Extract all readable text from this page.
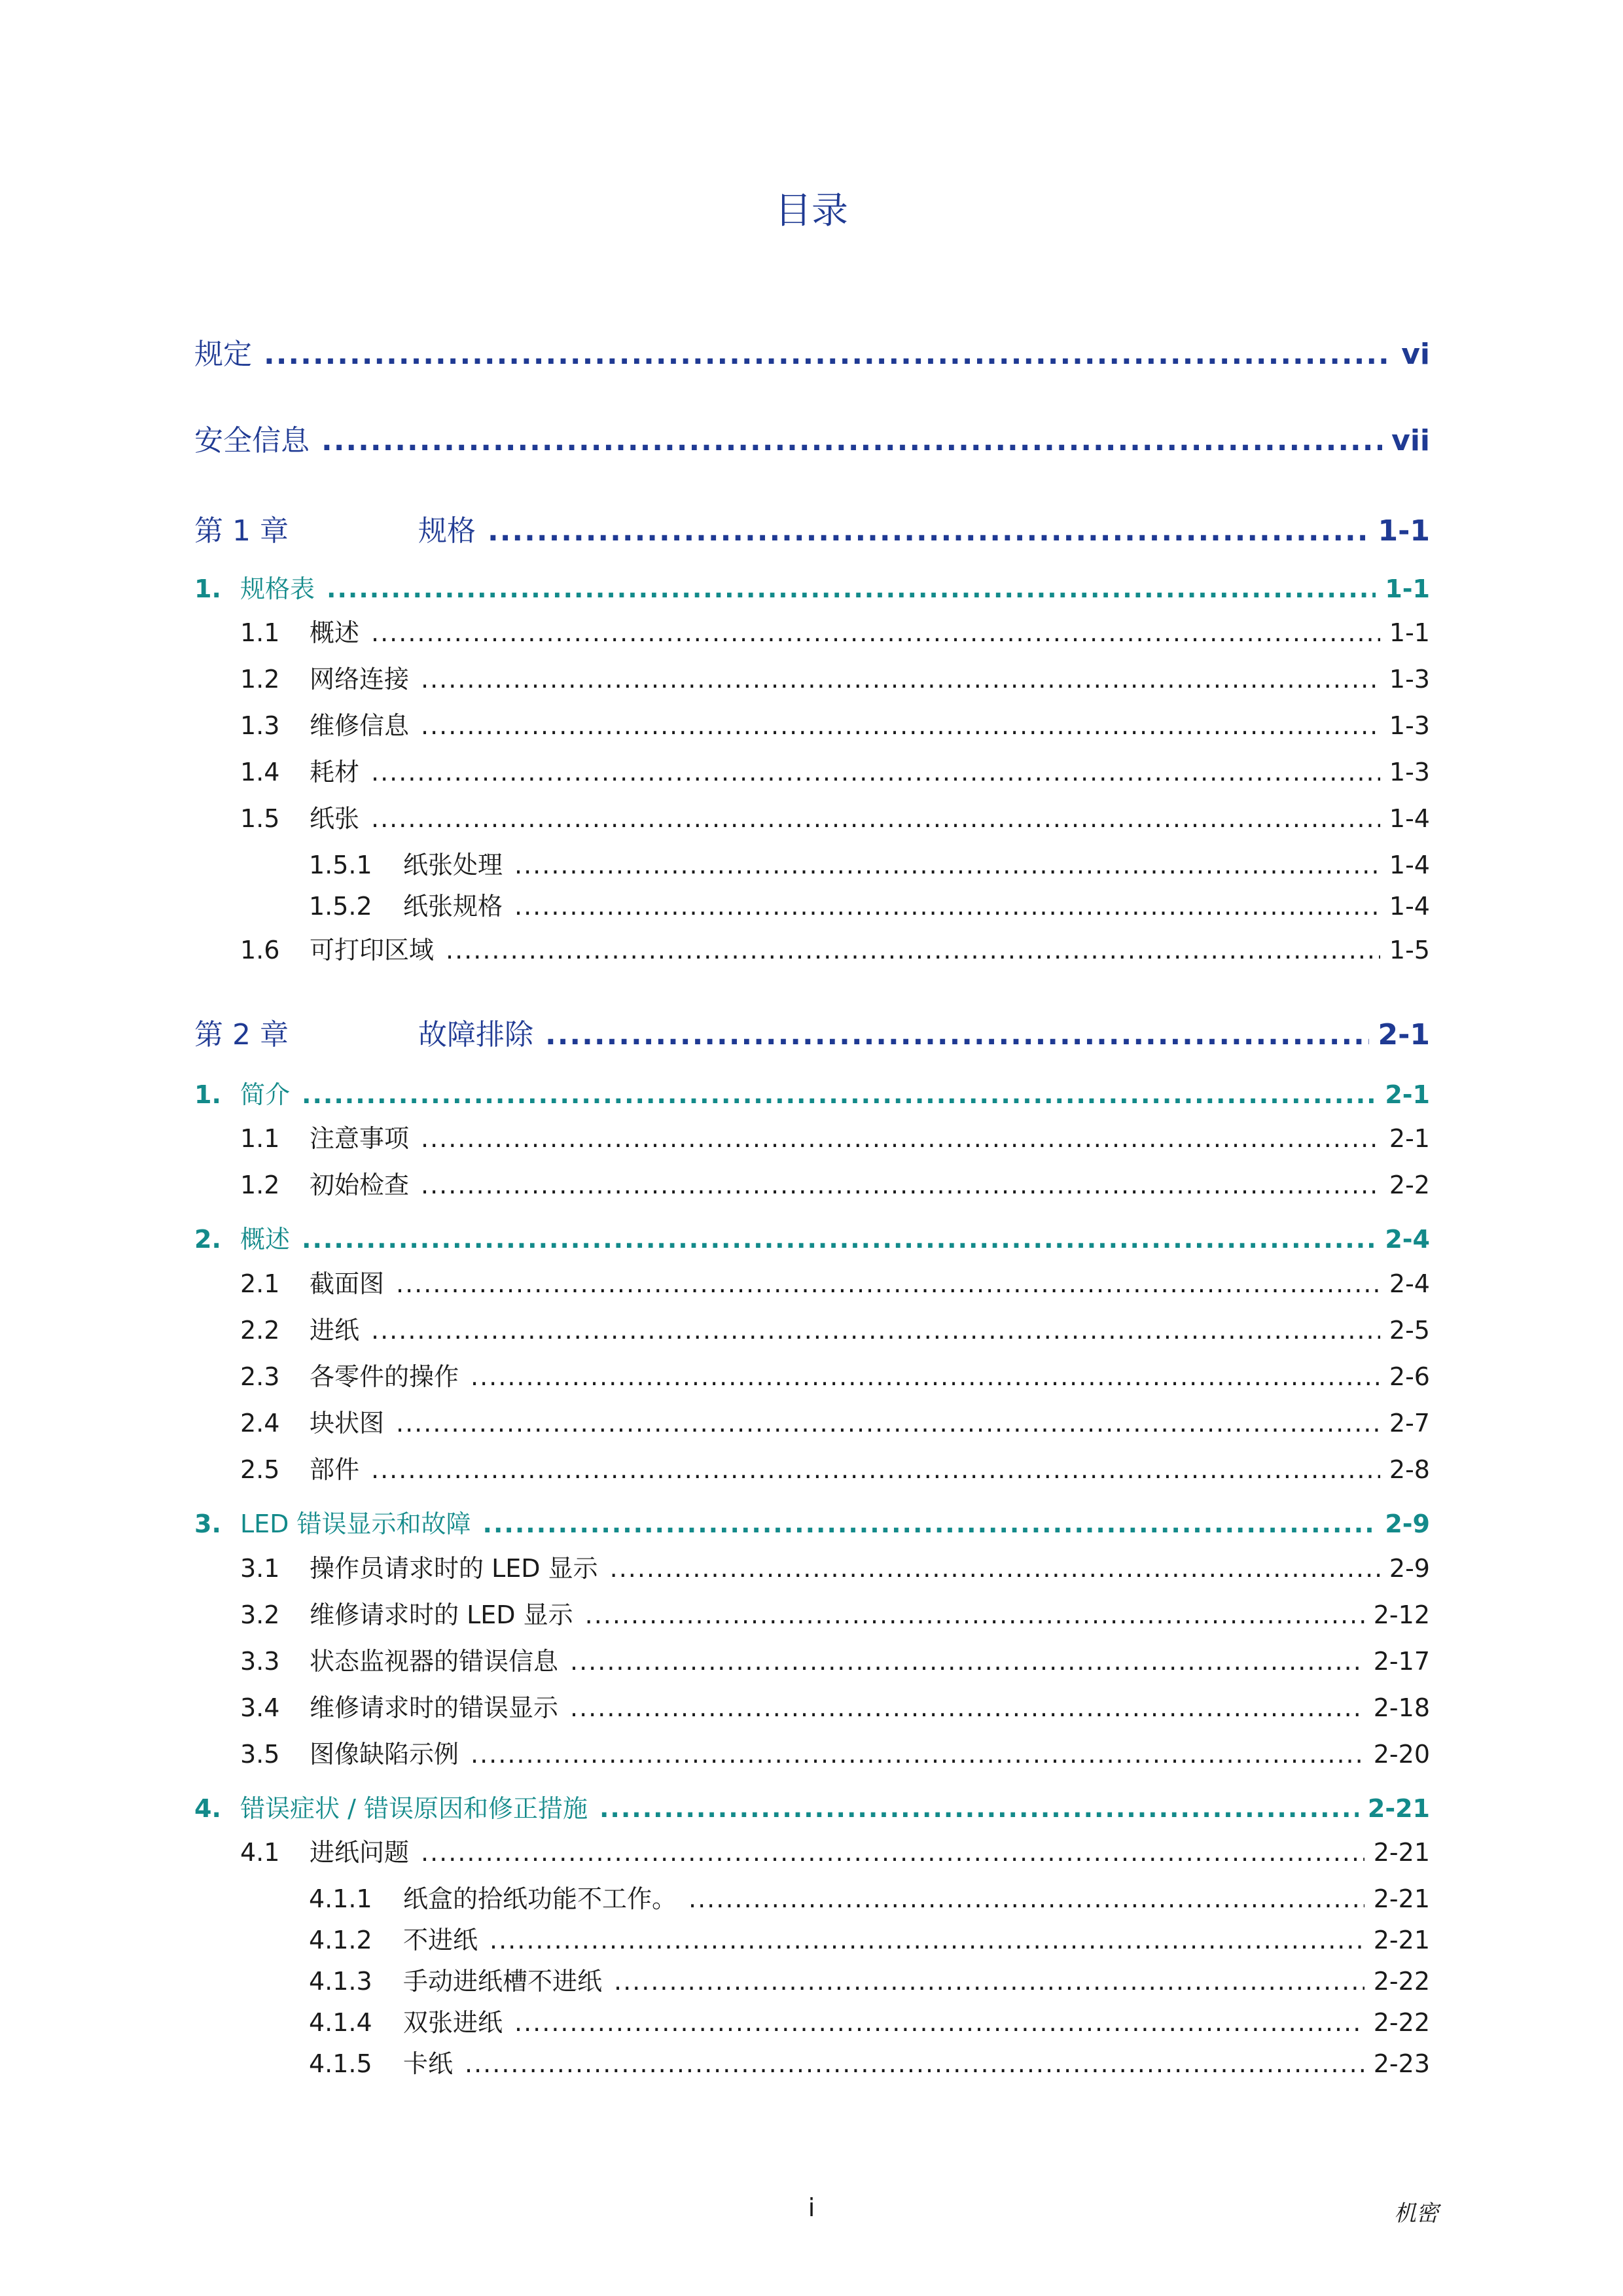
目录
规定 .....	vi
安全信息 .....	vii
第 1 章	规格 .....	1-1
1. 规格表 .....	1-1
1.1	概述 .....	1-1
1.2	网络连接 .....	1-3
1.3	维修信息 .....	1-3
1.4	耗材 .....	1-3
1.5	纸张 .....	1-4
1.5.1	纸张处理 .....	1-4
1.5.2	纸张规格 .....	1-4
1.6	可打印区域 .....	1-5
第 2 章	故障排除 .....	2-1
1. 简介 .....	2-1
1.1	注意事项 .....	2-1
1.2	初始检查 .....	2-2
2. 概述 .....	2-4
2.1	截面图 .....	2-4
2.2	进纸 .....	2-5
2.3	各零件的操作 .....	2-6
2.4	块状图 .....	2-7
2.5	部件 .....	2-8
3. LED 错误显示和故障 .....	2-9
3.1	操作员请求时的 LED 显示 .....	2-9
3.2	维修请求时的 LED 显示 .....	2-12
3.3	状态监视器的错误信息 .....	2-17
3.4	维修请求时的错误显示 .....	2-18
3.5	图像缺陷示例 .....	2-20
4. 错误症状 / 错误原因和修正措施 .....	2-21
4.1	进纸问题 .....	2-21
4.1.1	纸盒的拾纸功能不工作。 .....	2-21
4.1.2	不进纸 .....	2-21
4.1.3	手动进纸槽不进纸 .....	2-22
4.1.4	双张进纸 .....	2-22
4.1.5	卡纸 .....	2-23
i	机密
